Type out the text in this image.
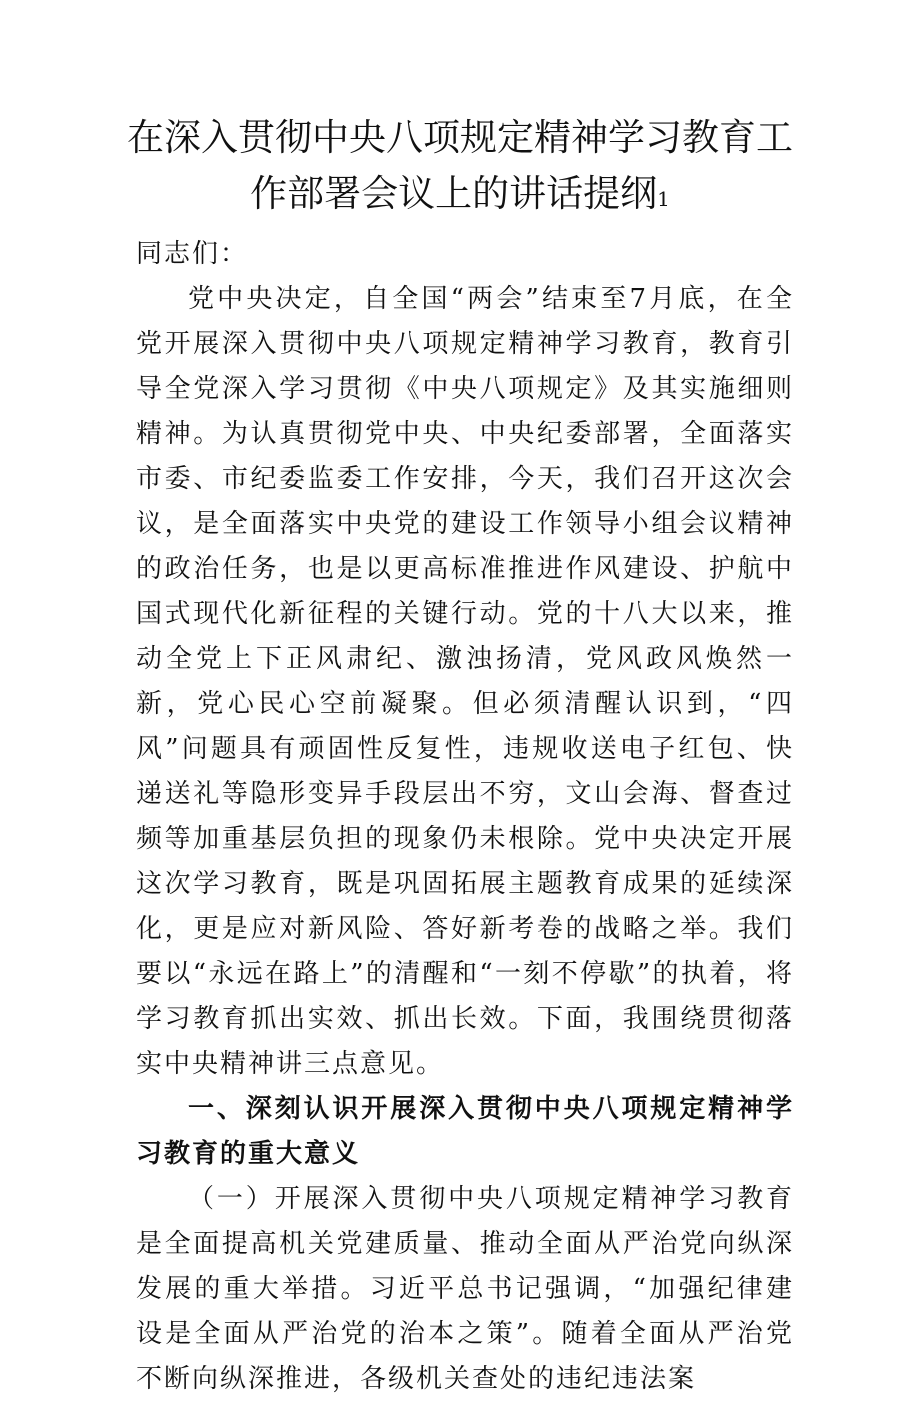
在深入贯彻中央八项规定精神学习教育工
作部署会议上的讲话提纲1

同志们：

党中央决定，自全国“两会”结束至7月底，在全党开展深入贯彻中央八项规定精神学习教育，教育引导全党深入学习贯彻《中央八项规定》及其实施细则精神。为认真贯彻党中央、中央纪委部署，全面落实市委、市纪委监委工作安排，今天，我们召开这次会议，是全面落实中央党的建设工作领导小组会议精神的政治任务，也是以更高标准推进作风建设、护航中国式现代化新征程的关键行动。党的十八大以来，推动全党上下正风肃纪、激浊扬清，党风政风焕然一新，党心民心空前凝聚。但必须清醒认识到，“四风”问题具有顽固性反复性，违规收送电子红包、快递送礼等隐形变异手段层出不穷，文山会海、督查过频等加重基层负担的现象仍未根除。党中央决定开展这次学习教育，既是巩固拓展主题教育成果的延续深化，更是应对新风险、答好新考卷的战略之举。我们要以“永远在路上”的清醒和“一刻不停歇”的执着，将学习教育抓出实效、抓出长效。下面，我围绕贯彻落实中央精神讲三点意见。

一、深刻认识开展深入贯彻中央八项规定精神学习教育的重大意义

（一）开展深入贯彻中央八项规定精神学习教育是全面提高机关党建质量、推动全面从严治党向纵深发展的重大举措。习近平总书记强调，“加强纪律建设是全面从严治党的治本之策”。随着全面从严治党不断向纵深推进，各级机关查处的违纪违法案
